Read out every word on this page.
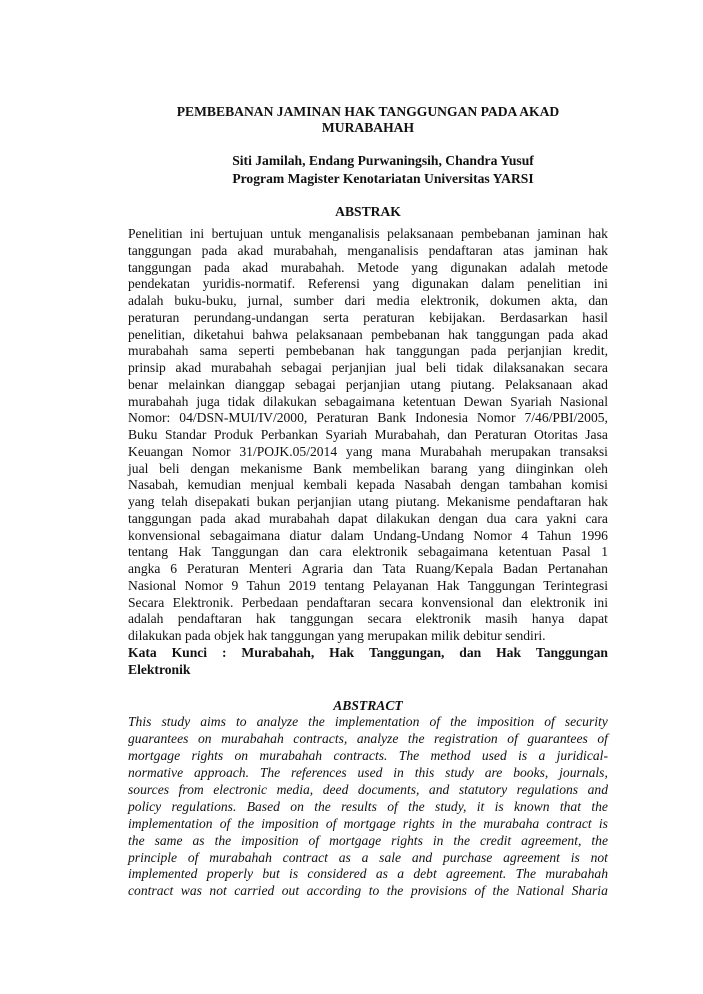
PEMBEBANAN JAMINAN HAK TANGGUNGAN PADA AKAD
MURABAHAH
Siti Jamilah, Endang Purwaningsih, Chandra Yusuf
Program Magister Kenotariatan Universitas YARSI
ABSTRAK
Penelitian ini bertujuan untuk menganalisis pelaksanaan pembebanan jaminan hak
tanggungan pada akad murabahah, menganalisis pendaftaran atas jaminan hak
tanggungan pada akad murabahah. Metode yang digunakan adalah metode
pendekatan yuridis-normatif. Referensi yang digunakan dalam penelitian ini
adalah buku-buku, jurnal, sumber dari media elektronik, dokumen akta, dan
peraturan perundang-undangan serta peraturan kebijakan. Berdasarkan hasil
penelitian, diketahui bahwa pelaksanaan pembebanan hak tanggungan pada akad
murabahah sama seperti pembebanan hak tanggungan pada perjanjian kredit,
prinsip akad murabahah sebagai perjanjian jual beli tidak dilaksanakan secara
benar melainkan dianggap sebagai perjanjian utang piutang. Pelaksanaan akad
murabahah juga tidak dilakukan sebagaimana ketentuan Dewan Syariah Nasional
Nomor: 04/DSN-MUI/IV/2000, Peraturan Bank Indonesia Nomor 7/46/PBI/2005,
Buku Standar Produk Perbankan Syariah Murabahah, dan Peraturan Otoritas Jasa
Keuangan Nomor 31/POJK.05/2014 yang mana Murabahah merupakan transaksi
jual beli dengan mekanisme Bank membelikan barang yang diinginkan oleh
Nasabah, kemudian menjual kembali kepada Nasabah dengan tambahan komisi
yang telah disepakati bukan perjanjian utang piutang. Mekanisme pendaftaran hak
tanggungan pada akad murabahah dapat dilakukan dengan dua cara yakni cara
konvensional sebagaimana diatur dalam Undang-Undang Nomor 4 Tahun 1996
tentang Hak Tanggungan dan cara elektronik sebagaimana ketentuan Pasal 1
angka 6 Peraturan Menteri Agraria dan Tata Ruang/Kepala Badan Pertanahan
Nasional Nomor 9 Tahun 2019 tentang Pelayanan Hak Tanggungan Terintegrasi
Secara Elektronik. Perbedaan pendaftaran secara konvensional dan elektronik ini
adalah pendaftaran hak tanggungan secara elektronik masih hanya dapat
dilakukan pada objek hak tanggungan yang merupakan milik debitur sendiri.
Kata Kunci : Murabahah, Hak Tanggungan, dan Hak Tanggungan
Elektronik
ABSTRACT
This study aims to analyze the implementation of the imposition of security
guarantees on murabahah contracts, analyze the registration of guarantees of
mortgage rights on murabahah contracts. The method used is a juridical-
normative approach. The references used in this study are books, journals,
sources from electronic media, deed documents, and statutory regulations and
policy regulations. Based on the results of the study, it is known that the
implementation of the imposition of mortgage rights in the murabaha contract is
the same as the imposition of mortgage rights in the credit agreement, the
principle of murabahah contract as a sale and purchase agreement is not
implemented properly but is considered as a debt agreement. The murabahah
contract was not carried out according to the provisions of the National Sharia
